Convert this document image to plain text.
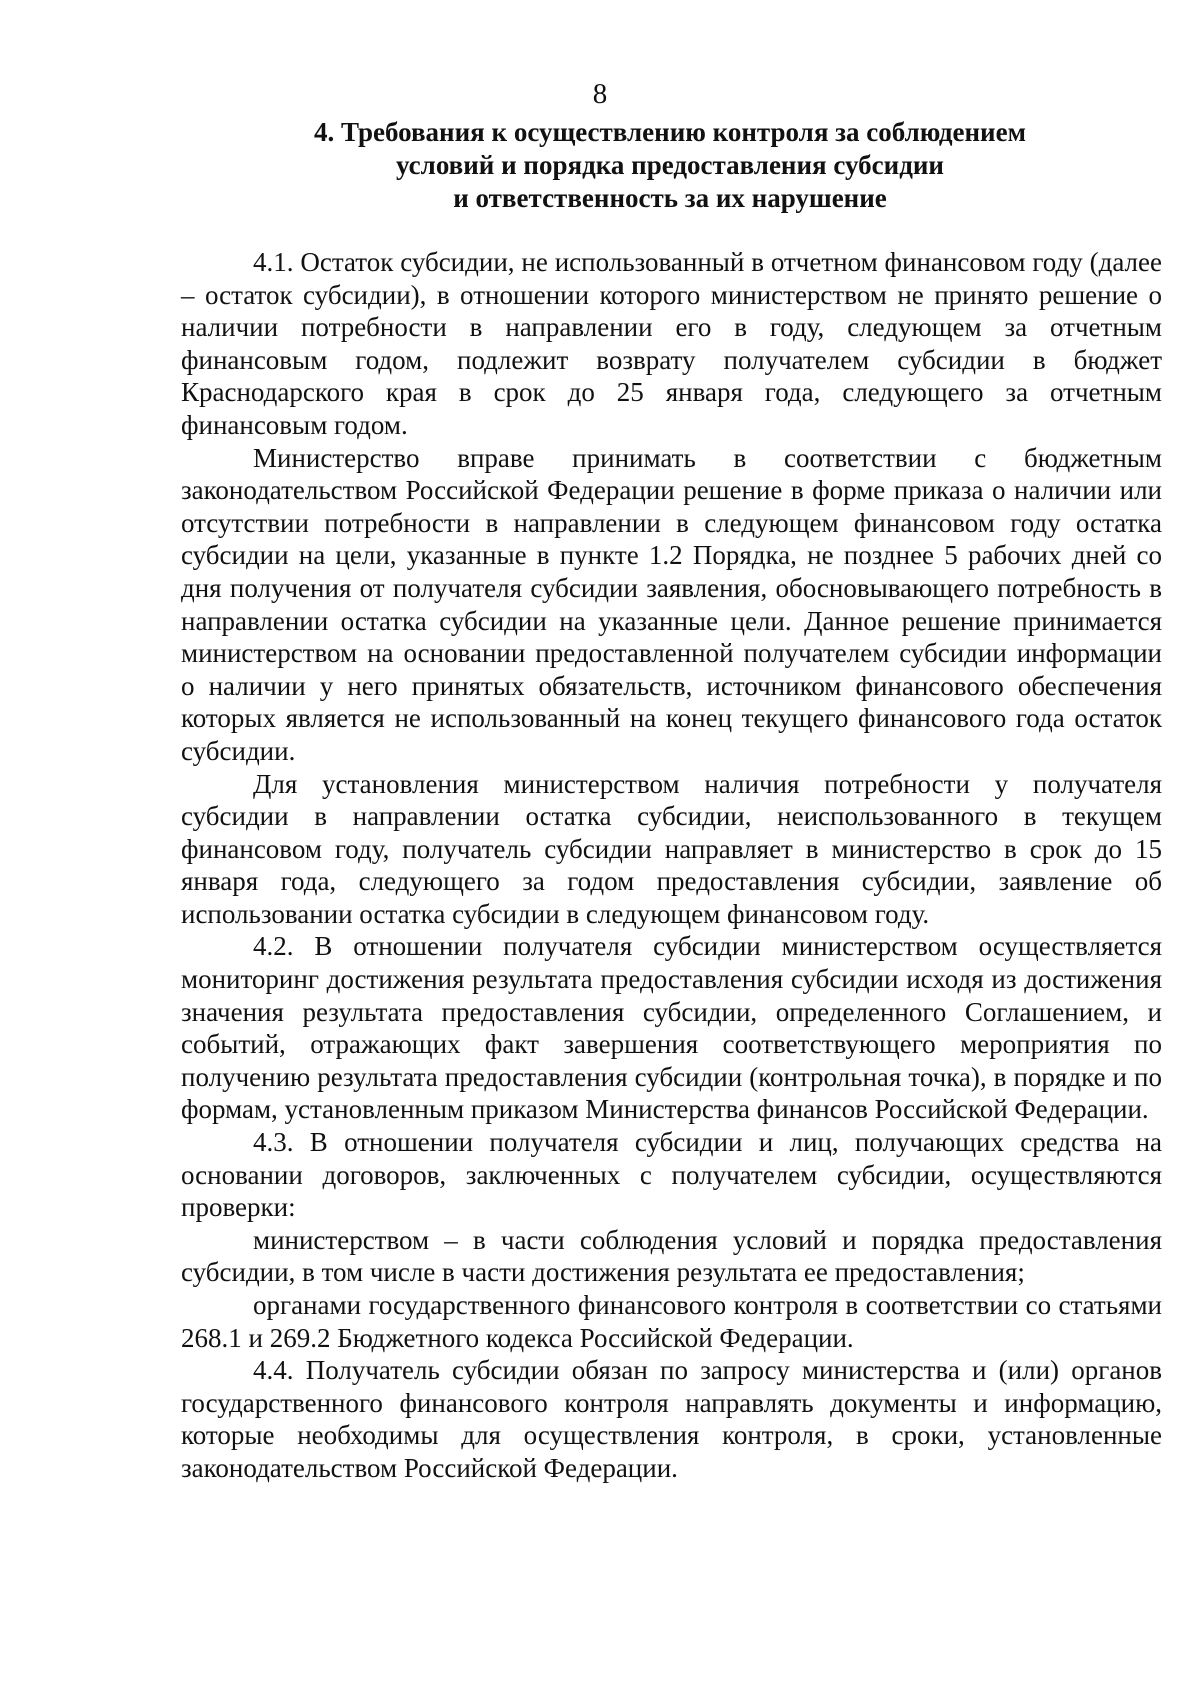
8
4. Требования к осуществлению контроля за соблюдением
условий и порядка предоставления субсидии
и ответственность за их нарушение

4.1. Остаток субсидии, не использованный в отчетном финансовом году (далее – остаток субсидии), в отношении которого министерством не принято решение о наличии потребности в направлении его в году, следующем за отчетным финансовым годом, подлежит возврату получателем субсидии в бюджет Краснодарского края в срок до 25 января года, следующего за отчетным финансовым годом.

Министерство вправе принимать в соответствии с бюджетным законодательством Российской Федерации решение в форме приказа о наличии или отсутствии потребности в направлении в следующем финансовом году остатка субсидии на цели, указанные в пункте 1.2 Порядка, не позднее 5 рабочих дней со дня получения от получателя субсидии заявления, обосновывающего потребность в направлении остатка субсидии на указанные цели. Данное решение принимается министерством на основании предоставленной получателем субсидии информации о наличии у него принятых обязательств, источником финансового обеспечения которых является не использованный на конец текущего финансового года остаток субсидии.

Для установления министерством наличия потребности у получателя субсидии в направлении остатка субсидии, неиспользованного в текущем финансовом году, получатель субсидии направляет в министерство в срок до 15 января года, следующего за годом предоставления субсидии, заявление об использовании остатка субсидии в следующем финансовом году.

4.2. В отношении получателя субсидии министерством осуществляется мониторинг достижения результата предоставления субсидии исходя из достижения значения результата предоставления субсидии, определенного Соглашением, и событий, отражающих факт завершения соответствующего мероприятия по получению результата предоставления субсидии (контрольная точка), в порядке и по формам, установленным приказом Министерства финансов Российской Федерации.

4.3. В отношении получателя субсидии и лиц, получающих средства на основании договоров, заключенных с получателем субсидии, осуществляются проверки:

министерством – в части соблюдения условий и порядка предоставления субсидии, в том числе в части достижения результата ее предоставления;

органами государственного финансового контроля в соответствии со статьями 268.1 и 269.2 Бюджетного кодекса Российской Федерации.

4.4. Получатель субсидии обязан по запросу министерства и (или) органов государственного финансового контроля направлять документы и информацию, которые необходимы для осуществления контроля, в сроки, установленные законодательством Российской Федерации.
